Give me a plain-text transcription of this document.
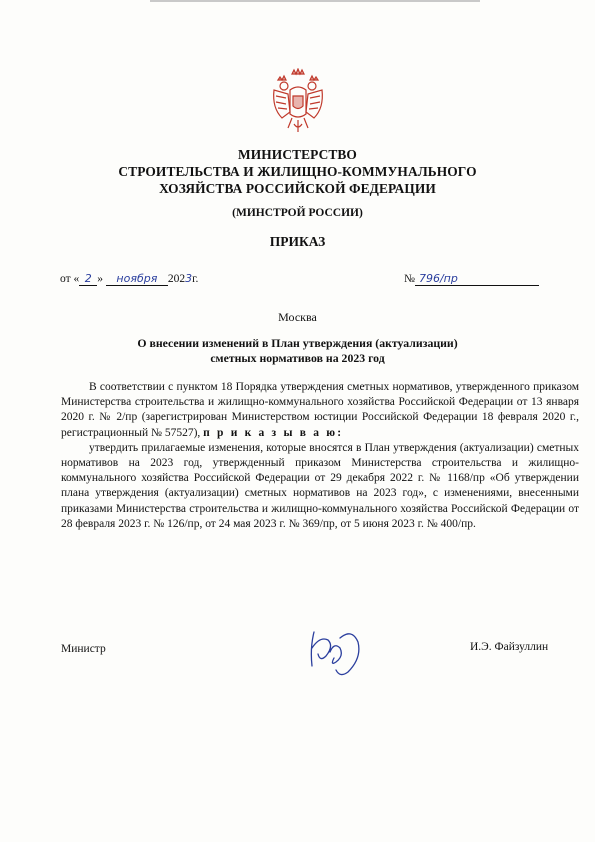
МИНИСТЕРСТВО
СТРОИТЕЛЬСТВА И ЖИЛИЩНО-КОММУНАЛЬНОГО
ХОЗЯЙСТВА РОССИЙСКОЙ ФЕДЕРАЦИИ
(МИНСТРОЙ РОССИИ)
ПРИКАЗ
от « 2 » ноября 2023г.	№ 796/пр
Москва
О внесении изменений в План утверждения (актуализации)
сметных нормативов на 2023 год

В соответствии с пунктом 18 Порядка утверждения сметных нормативов, утвержденного приказом Министерства строительства и жилищно-коммунального хозяйства Российской Федерации от 13 января 2020 г. № 2/пр (зарегистрирован Министерством юстиции Российской Федерации 18 февраля 2020 г., регистрационный № 57527), п р и к а з ы в а ю:

утвердить прилагаемые изменения, которые вносятся в План утверждения (актуализации) сметных нормативов на 2023 год, утвержденный приказом Министерства строительства и жилищно-коммунального хозяйства Российской Федерации от 29 декабря 2022 г. № 1168/пр «Об утверждении плана утверждения (актуализации) сметных нормативов на 2023 год», с изменениями, внесенными приказами Министерства строительства и жилищно-коммунального хозяйства Российской Федерации от 28 февраля 2023 г. № 126/пр, от 24 мая 2023 г. № 369/пр, от 5 июня 2023 г. № 400/пр.

Министр	И.Э. Файзуллин
